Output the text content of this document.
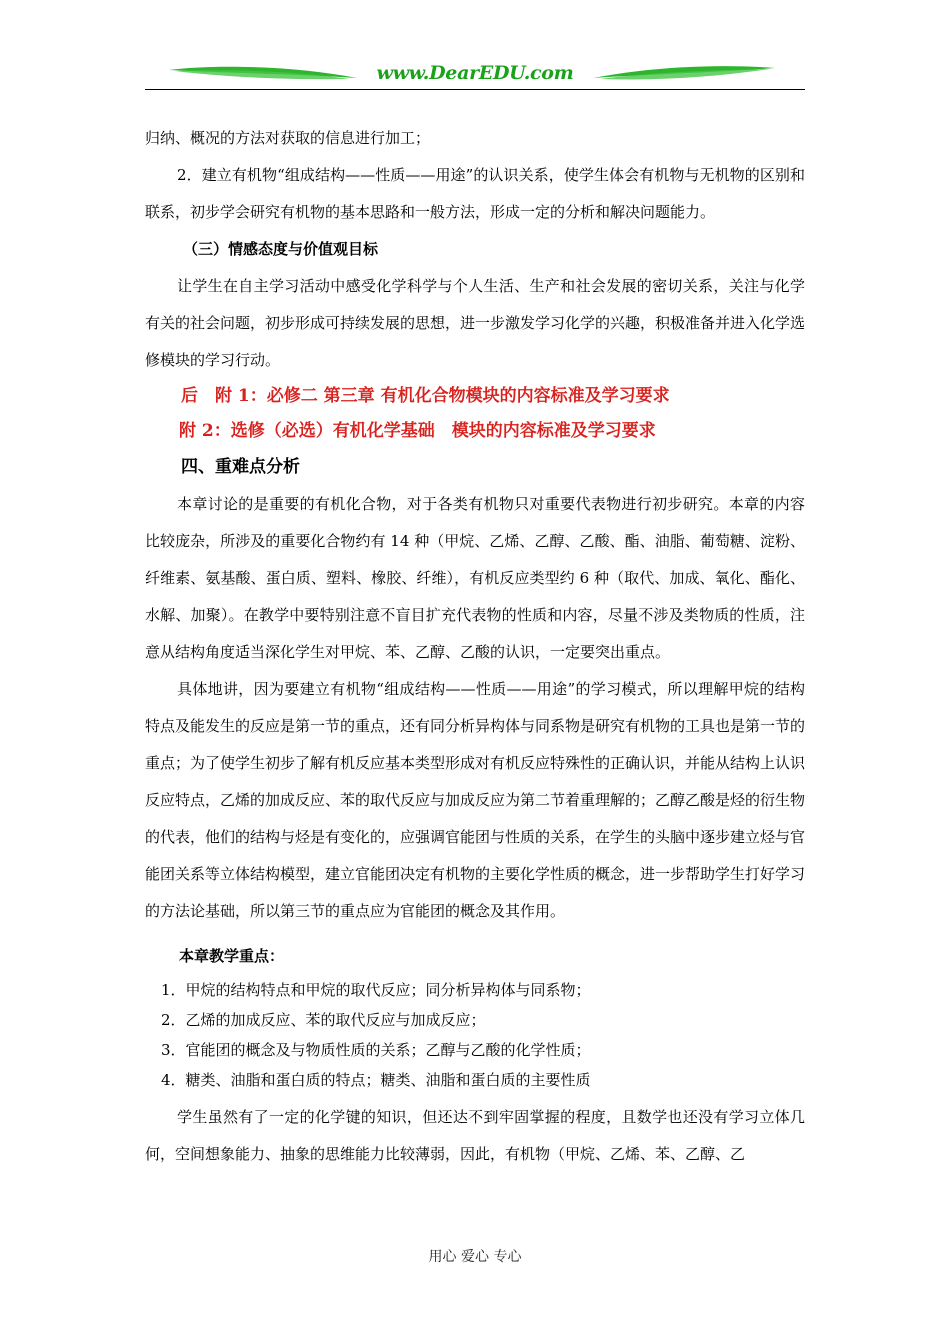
www.DearEDU.com

归纳、概况的方法对获取的信息进行加工；

2．建立有机物“组成结构——性质——用途”的认识关系，使学生体会有机物与无机物的区别和联系，初步学会研究有机物的基本思路和一般方法，形成一定的分析和解决问题能力。

（三）情感态度与价值观目标

让学生在自主学习活动中感受化学科学与个人生活、生产和社会发展的密切关系，关注与化学有关的社会问题，初步形成可持续发展的思想，进一步激发学习化学的兴趣，积极准备并进入化学选修模块的学习行动。

后　附 1：必修二 第三章 有机化合物模块的内容标准及学习要求

附 2：选修（必选）有机化学基础　模块的内容标准及学习要求

四、重难点分析

本章讨论的是重要的有机化合物，对于各类有机物只对重要代表物进行初步研究。本章的内容比较庞杂，所涉及的重要化合物约有 14 种（甲烷、乙烯、乙醇、乙酸、酯、油脂、葡萄糖、淀粉、纤维素、氨基酸、蛋白质、塑料、橡胶、纤维），有机反应类型约 6 种（取代、加成、氧化、酯化、水解、加聚）。在教学中要特别注意不盲目扩充代表物的性质和内容，尽量不涉及类物质的性质，注意从结构角度适当深化学生对甲烷、苯、乙醇、乙酸的认识，一定要突出重点。

具体地讲，因为要建立有机物“组成结构——性质——用途”的学习模式，所以理解甲烷的结构特点及能发生的反应是第一节的重点，还有同分析异构体与同系物是研究有机物的工具也是第一节的重点；为了使学生初步了解有机反应基本类型形成对有机反应特殊性的正确认识，并能从结构上认识反应特点，乙烯的加成反应、苯的取代反应与加成反应为第二节着重理解的；乙醇乙酸是烃的衍生物的代表，他们的结构与烃是有变化的，应强调官能团与性质的关系，在学生的头脑中逐步建立烃与官能团关系等立体结构模型，建立官能团决定有机物的主要化学性质的概念，进一步帮助学生打好学习的方法论基础，所以第三节的重点应为官能团的概念及其作用。

本章教学重点：

1．甲烷的结构特点和甲烷的取代反应；同分析异构体与同系物；
2．乙烯的加成反应、苯的取代反应与加成反应；
3．官能团的概念及与物质性质的关系；乙醇与乙酸的化学性质；
4．糖类、油脂和蛋白质的特点；糖类、油脂和蛋白质的主要性质

学生虽然有了一定的化学键的知识，但还达不到牢固掌握的程度，且数学也还没有学习立体几何，空间想象能力、抽象的思维能力比较薄弱，因此，有机物（甲烷、乙烯、苯、乙醇、乙

用心 爱心 专心
